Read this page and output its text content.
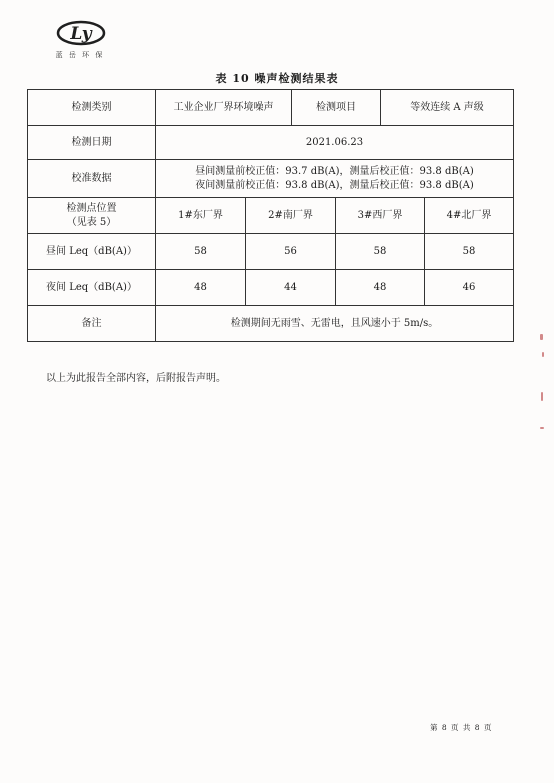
Ly
蓝 岳 环 保
表 10 噪声检测结果表
检测类别	工业企业厂界环境噪声		检测项目		等效连续 A 声级	
检测日期	2021.06.23					
校准数据	昼间测量前校正值：93.7 dB(A)，测量后校正值：93.8 dB(A)
夜间测量前校正值：93.8 dB(A)，测量后校正值：93.8 dB(A)					

检测点位置
（见表 5）	1#东厂界	2#南厂界		3#西厂界		4#北厂界
昼间 Leq（dB(A)）	58	56		58		58
夜间 Leq（dB(A)）	48	44		48		46
备注	检测期间无雨雪、无雷电，且风速小于 5m/s。					
以上为此报告全部内容，后附报告声明。
第 8 页 共 8 页
